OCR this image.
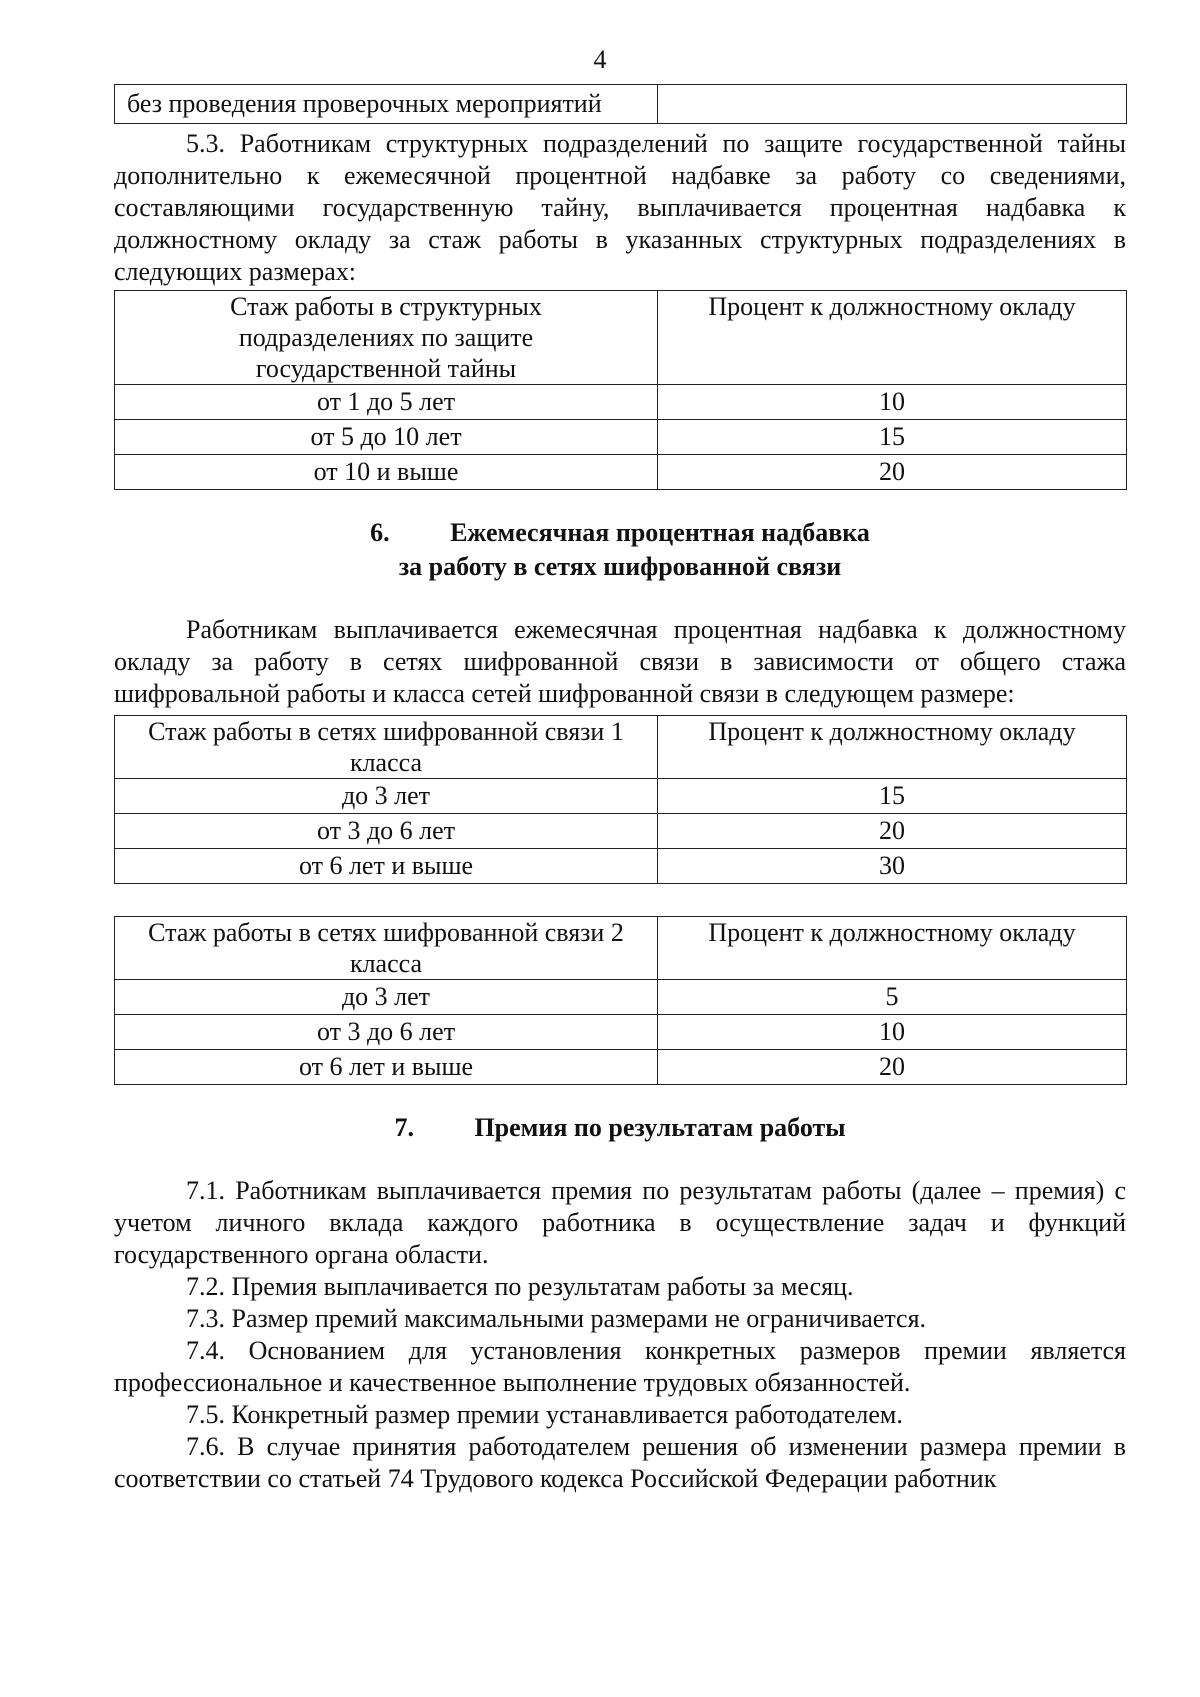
4
без проведения проверочных мероприятий	

5.3. Работникам структурных подразделений по защите государственной тайны дополнительно к ежемесячной процентной надбавке за работу со сведениями, составляющими государственную тайну, выплачивается процентная надбавка к должностному окладу за стаж работы в указанных структурных подразделениях в следующих размерах:

Стаж работы в структурных подразделениях по защите государственной тайны	Процент к должностному окладу
от 1 до 5 лет	10
от 5 до 10 лет	15
от 10 и выше	20
6. Ежемесячная процентная надбавка
за работу в сетях шифрованной связи

Работникам выплачивается ежемесячная процентная надбавка к должностному окладу за работу в сетях шифрованной связи в зависимости от общего стажа шифровальной работы и класса сетей шифрованной связи в следующем размере:

Стаж работы в сетях шифрованной связи 1 класса	Процент к должностному окладу
до 3 лет	15
от 3 до 6 лет	20
от 6 лет и выше	30
Стаж работы в сетях шифрованной связи 2 класса	Процент к должностному окладу
до 3 лет	5
от 3 до 6 лет	10
от 6 лет и выше	20
7. Премия по результатам работы

7.1. Работникам выплачивается премия по результатам работы (далее – премия) с учетом личного вклада каждого работника в осуществление задач и функций государственного органа области.

7.2. Премия выплачивается по результатам работы за месяц.

7.3. Размер премий максимальными размерами не ограничивается.

7.4. Основанием для установления конкретных размеров премии является профессиональное и качественное выполнение трудовых обязанностей.

7.5. Конкретный размер премии устанавливается работодателем.

7.6. В случае принятия работодателем решения об изменении размера премии в соответствии со статьей 74 Трудового кодекса Российской Федерации работник
